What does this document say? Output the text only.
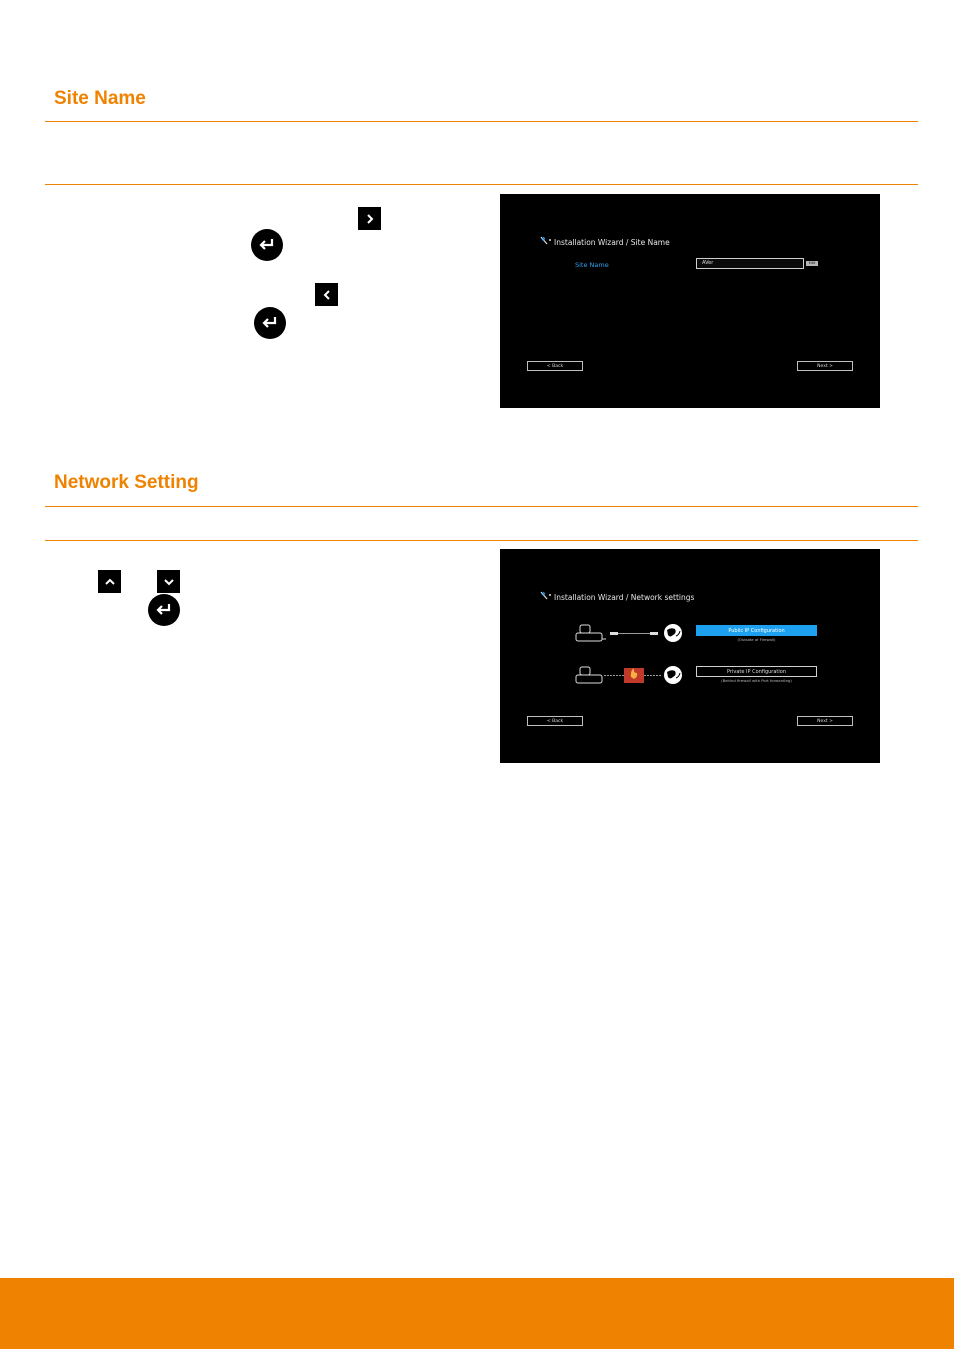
Site Name
Installation Wizard / Site Name
Site Name	AVer	Edit
< Back	Next >
Network Setting
Installation Wizard / Network settings
Public IP Configuration
(Outside of Firewall)
Private IP Configuration
(Behind firewall with Port forwarding)
< Back	Next >
